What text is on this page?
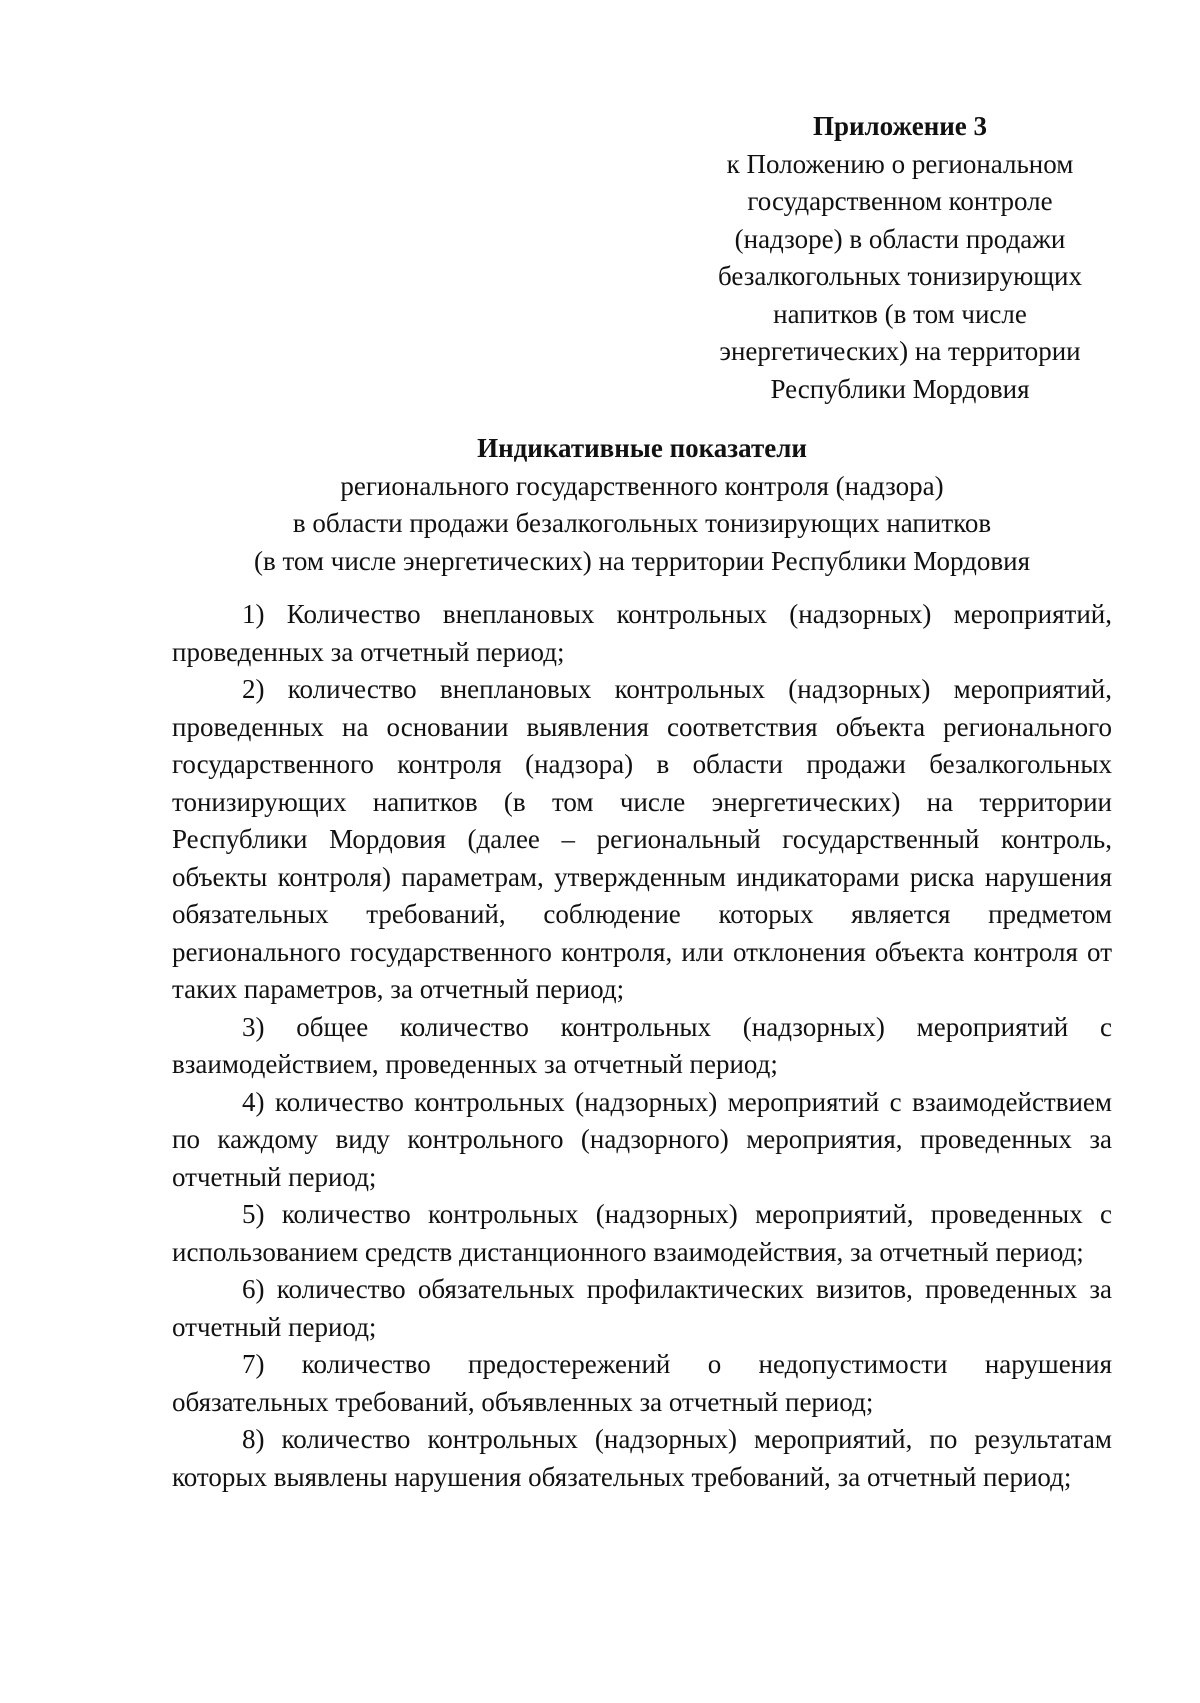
Приложение 3
к Положению о региональном
государственном контроле
(надзоре) в области продажи
безалкогольных тонизирующих
напитков (в том числе
энергетических) на территории
Республики Мордовия
Индикативные показатели
регионального государственного контроля (надзора)
в области продажи безалкогольных тонизирующих напитков
(в том числе энергетических) на территории Республики Мордовия

1) Количество внеплановых контрольных (надзорных) мероприятий, проведенных за отчетный период;

2) количество внеплановых контрольных (надзорных) мероприятий, проведенных на основании выявления соответствия объекта регионального государственного контроля (надзора) в области продажи безалкогольных тонизирующих напитков (в том числе энергетических) на территории Республики Мордовия (далее – региональный государственный контроль, объекты контроля) параметрам, утвержденным индикаторами риска нарушения обязательных требований, соблюдение которых является предметом регионального государственного контроля, или отклонения объекта контроля от таких параметров, за отчетный период;

3) общее количество контрольных (надзорных) мероприятий с взаимодействием, проведенных за отчетный период;

4) количество контрольных (надзорных) мероприятий с взаимодействием по каждому виду контрольного (надзорного) мероприятия, проведенных за отчетный период;

5) количество контрольных (надзорных) мероприятий, проведенных с использованием средств дистанционного взаимодействия, за отчетный период;

6) количество обязательных профилактических визитов, проведенных за отчетный период;

7) количество предостережений о недопустимости нарушения обязательных требований, объявленных за отчетный период;

8) количество контрольных (надзорных) мероприятий, по результатам которых выявлены нарушения обязательных требований, за отчетный период;
